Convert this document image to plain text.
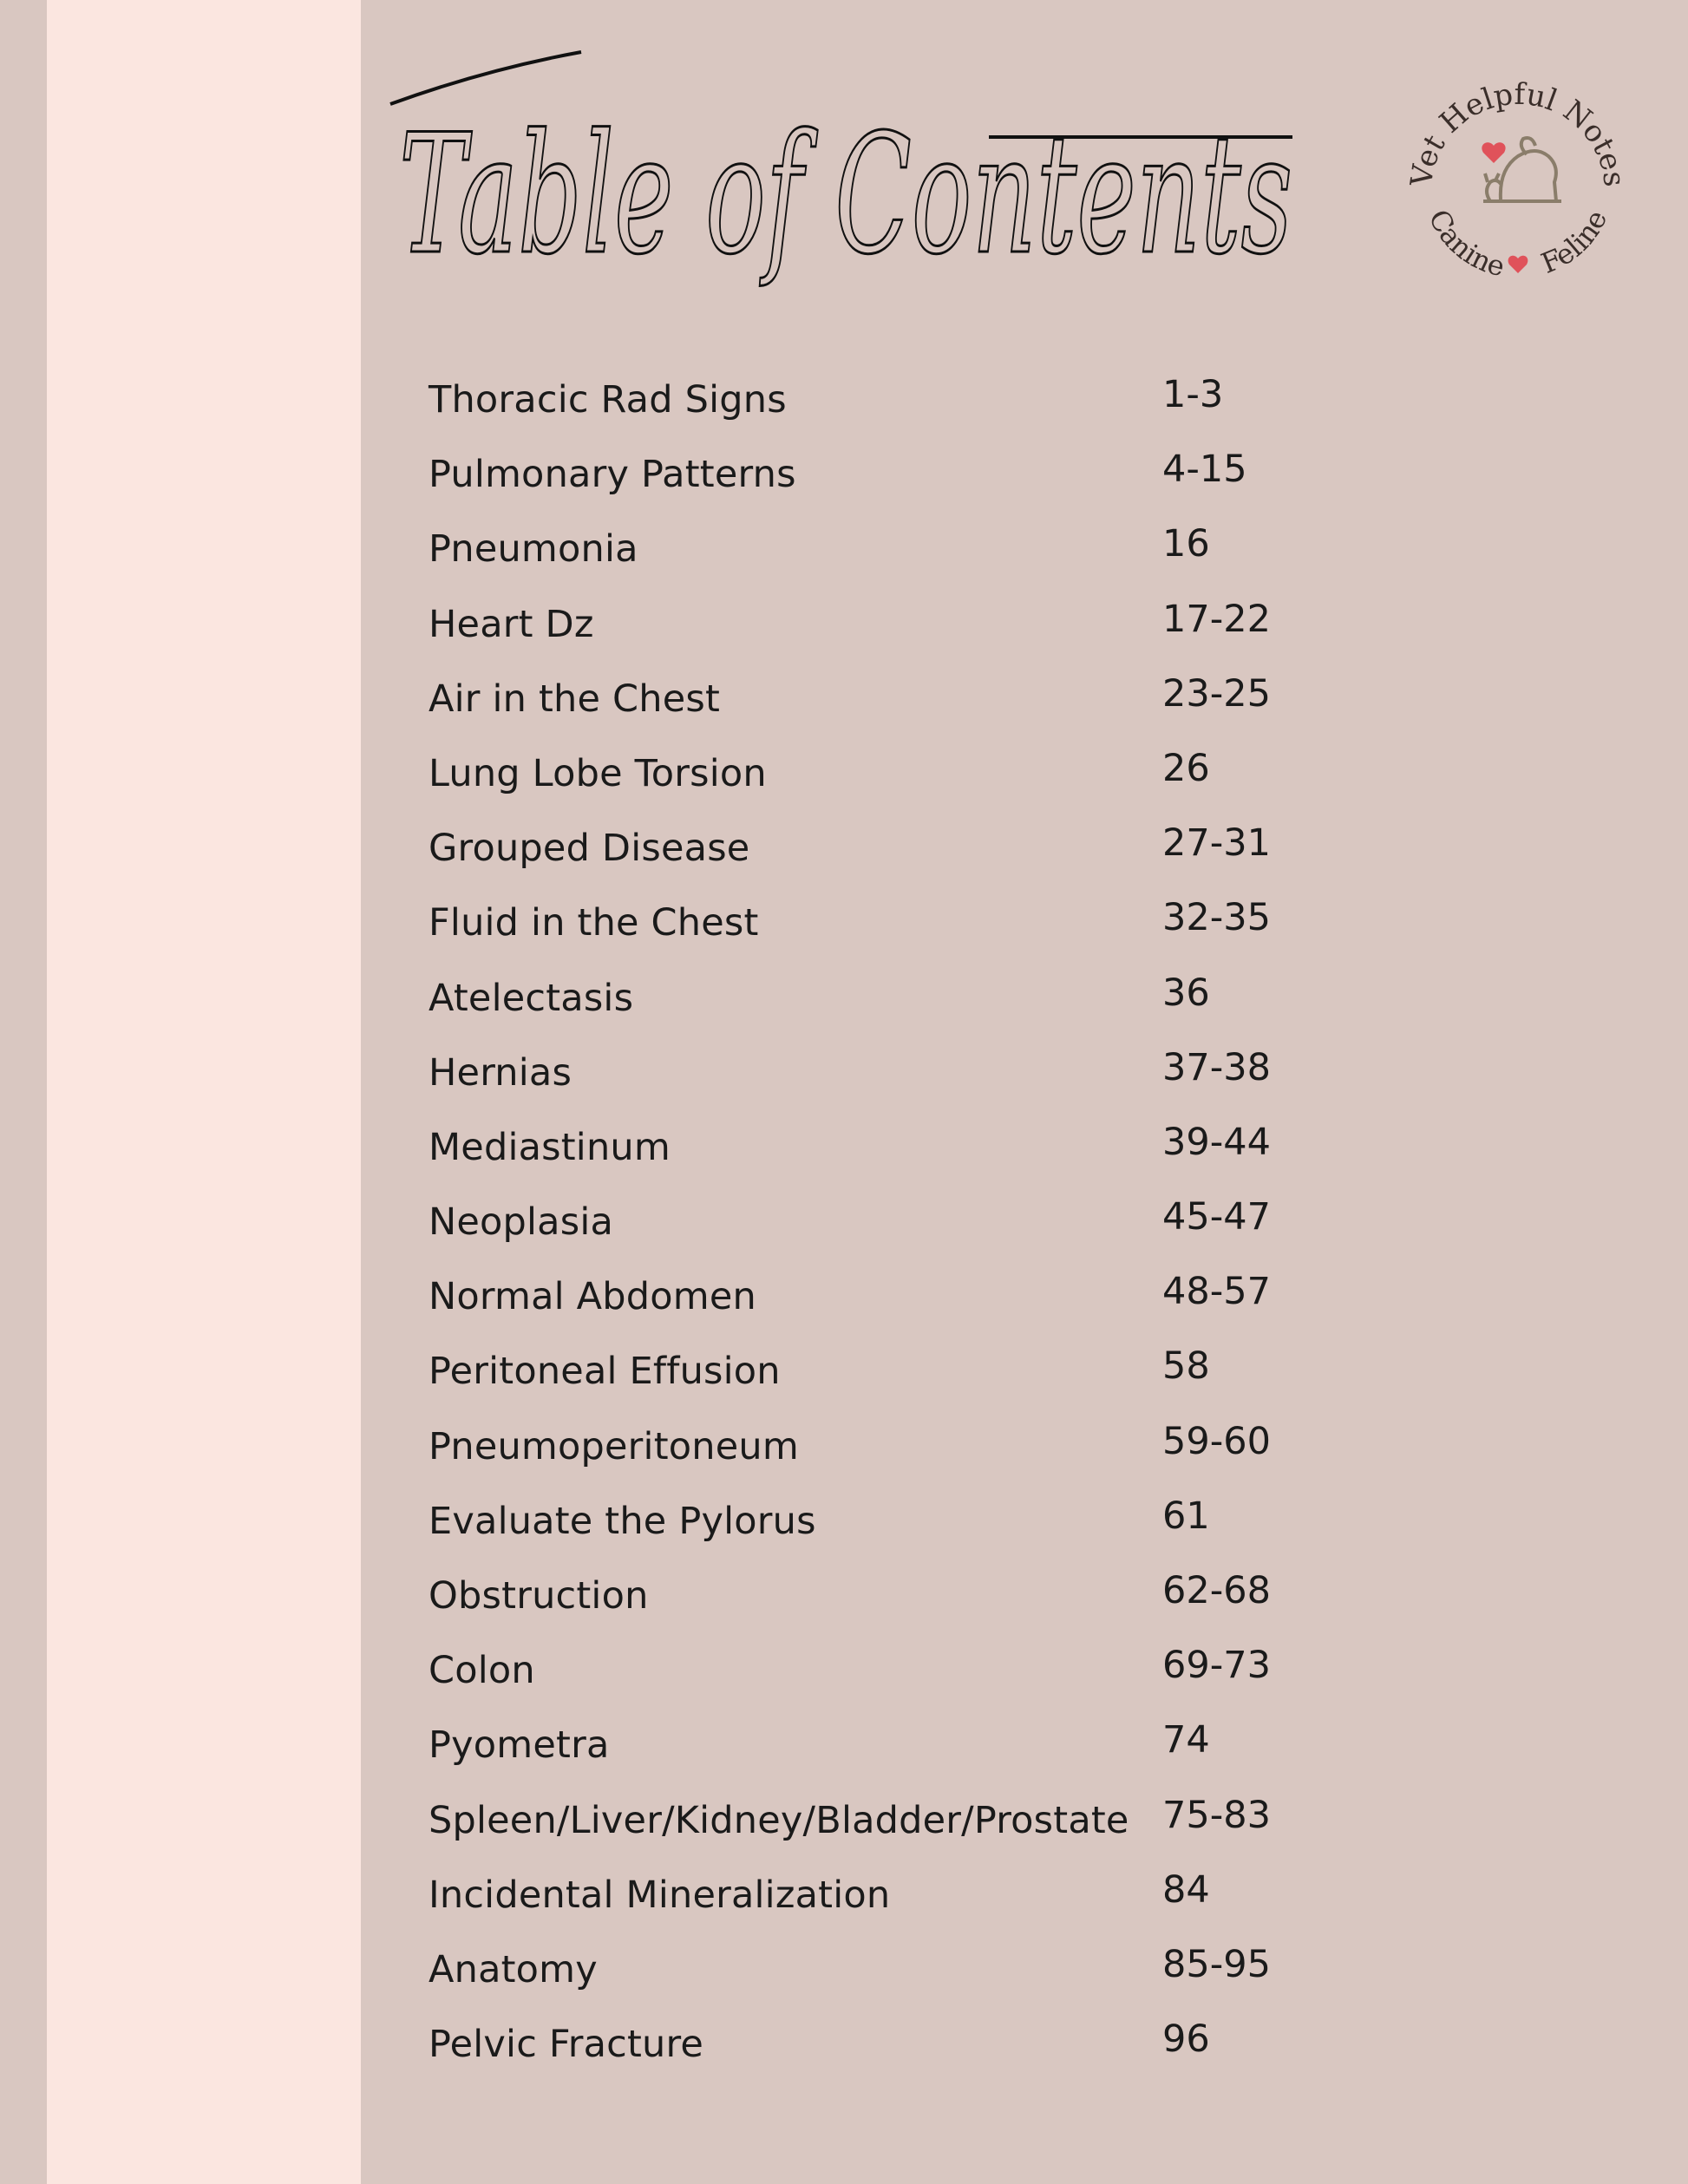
Table of Contents	Vet Helpful Notes
Canine Feline
Thoracic Rad Signs	1-3
Pulmonary Patterns	4-15
Pneumonia	16
Heart Dz	17-22
Air in the Chest	23-25
Lung Lobe Torsion	26
Grouped Disease	27-31
Fluid in the Chest	32-35
Atelectasis	36
Hernias	37-38
Mediastinum	39-44
Neoplasia	45-47
Normal Abdomen	48-57
Peritoneal Effusion	58
Pneumoperitoneum	59-60
Evaluate the Pylorus	61
Obstruction	62-68
Colon	69-73
Pyometra	74
Spleen/Liver/Kidney/Bladder/Prostate 75-83
Incidental Mineralization	84
Anatomy	85-95
Pelvic Fracture	96
